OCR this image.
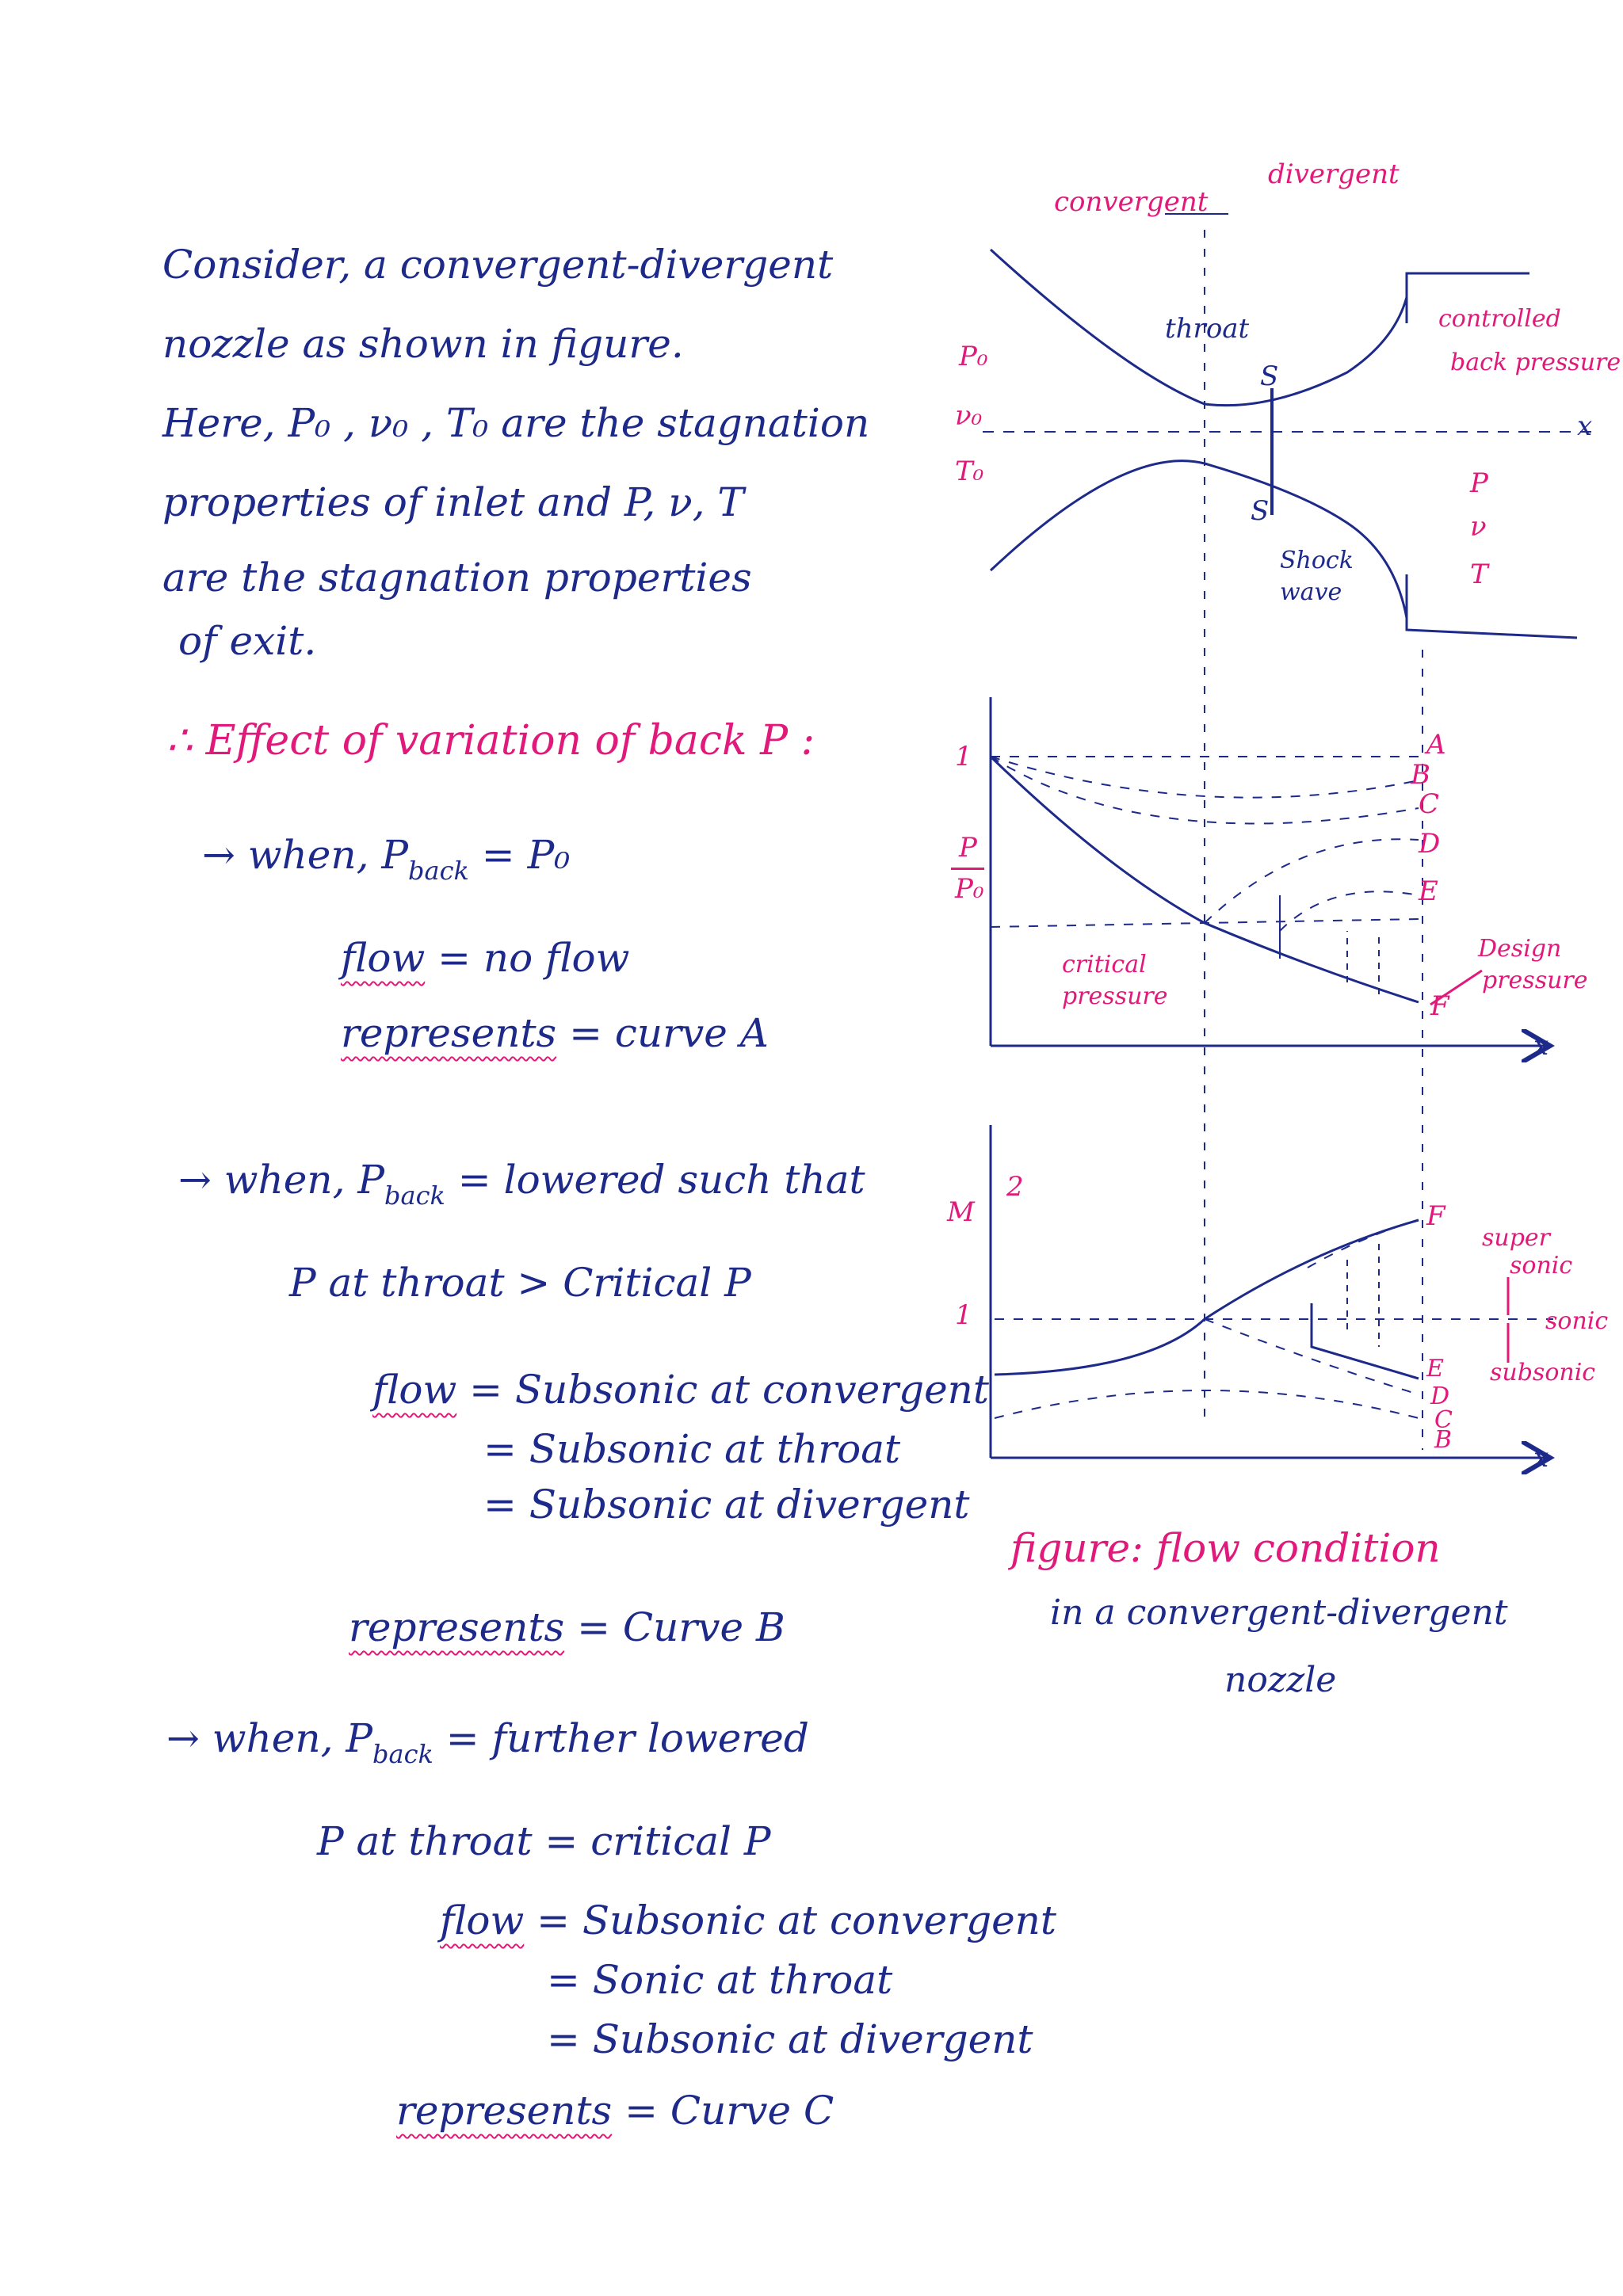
Consider, a convergent-divergent
nozzle as shown in figure.
Here, P₀ , ν₀ , T₀ are the stagnation
properties of inlet and P, ν, T
are the stagnation properties
of exit.
∴ Effect of variation of back P :
→ when, $P_{back} = P_0$
flow = no flow
represents = curve A
→ when, $P_{back}$ = lowered such that
P at throat > Critical P
flow = Subsonic at convergent
= Subsonic at throat
= Subsonic at divergent
represents = Curve B
→ when, $P_{back}$ = further lowered
P at throat = critical P
flow = Subsonic at convergent
= Sonic at throat
= Subsonic at divergent
represents = Curve C
convergent
divergent
throat
S
S
Shock
wave
controlled
back pressure
x
P₀
ν₀
T₀	P
ν
T
1
P
P₀
A
B
C
D
E
F
critical
pressure
Design
pressure
x
M
2
1
F
E
D
C
B
super
sonic
sonic
subsonic
x
figure: flow condition
in a convergent-divergent
nozzle
